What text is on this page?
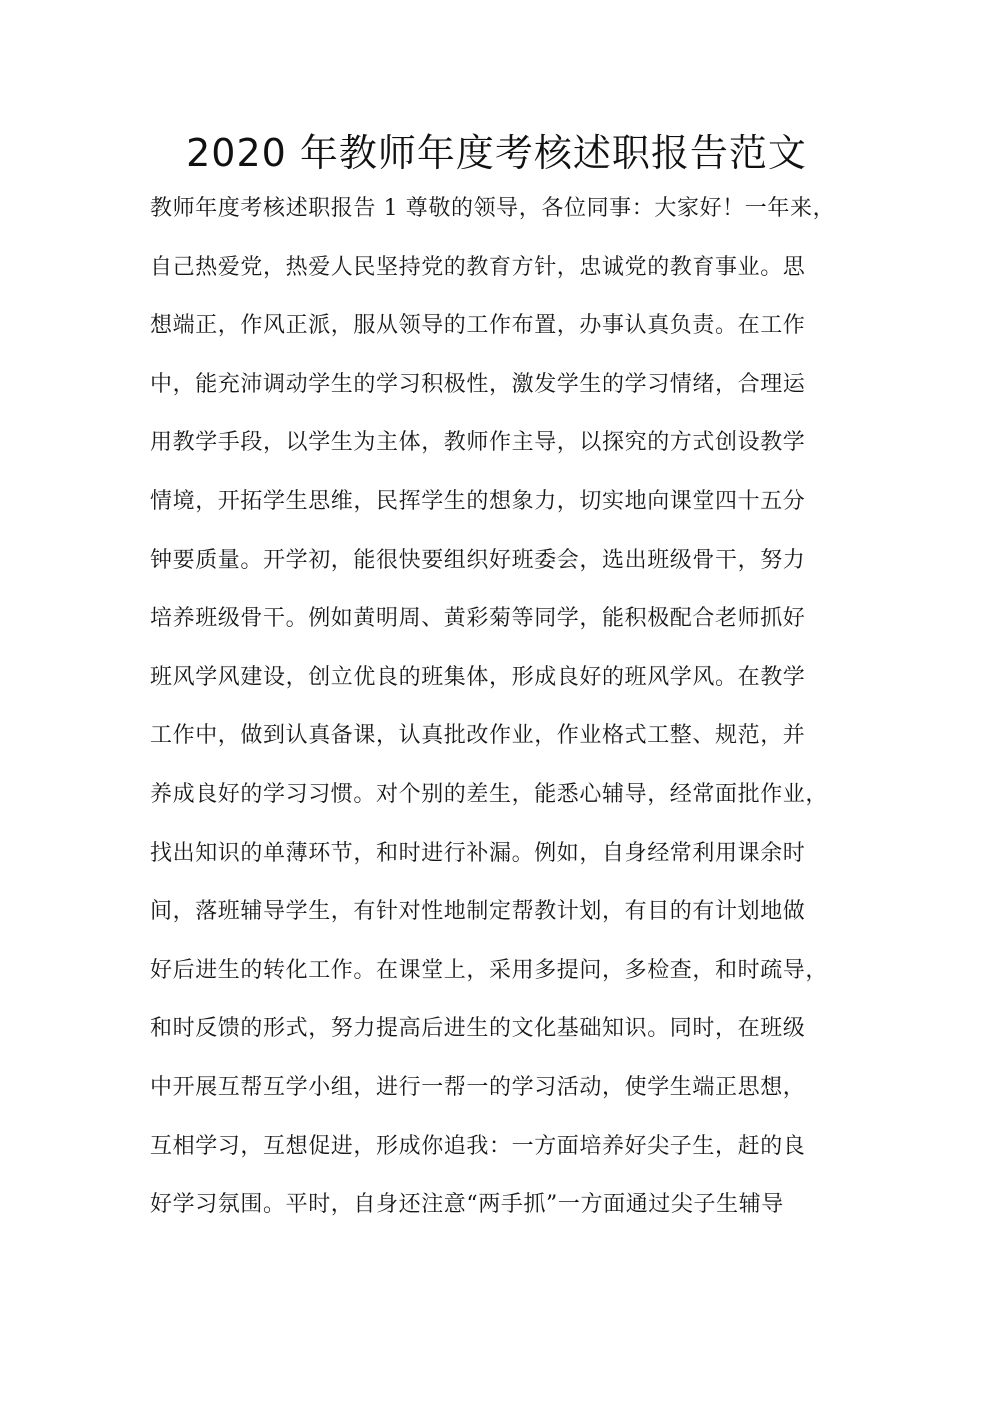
2020 年教师年度考核述职报告范文
教师年度考核述职报告 1 尊敬的领导，各位同事：大家好！一年来，
自己热爱党，热爱人民坚持党的教育方针，忠诚党的教育事业。思
想端正，作风正派，服从领导的工作布置，办事认真负责。在工作
中，能充沛调动学生的学习积极性，激发学生的学习情绪，合理运
用教学手段，以学生为主体，教师作主导，以探究的方式创设教学
情境，开拓学生思维，民挥学生的想象力，切实地向课堂四十五分
钟要质量。开学初，能很快要组织好班委会，选出班级骨干，努力
培养班级骨干。例如黄明周、黄彩菊等同学，能积极配合老师抓好
班风学风建设，创立优良的班集体，形成良好的班风学风。在教学
工作中，做到认真备课，认真批改作业，作业格式工整、规范，并
养成良好的学习习惯。对个别的差生，能悉心辅导，经常面批作业，
找出知识的单薄环节，和时进行补漏。例如，自身经常利用课余时
间，落班辅导学生，有针对性地制定帮教计划，有目的有计划地做
好后进生的转化工作。在课堂上，采用多提问，多检查，和时疏导，
和时反馈的形式，努力提高后进生的文化基础知识。同时，在班级
中开展互帮互学小组，进行一帮一的学习活动，使学生端正思想，
互相学习，互想促进，形成你追我：一方面培养好尖子生，赶的良
好学习氛围。平时，自身还注意“两手抓”一方面通过尖子生辅导
